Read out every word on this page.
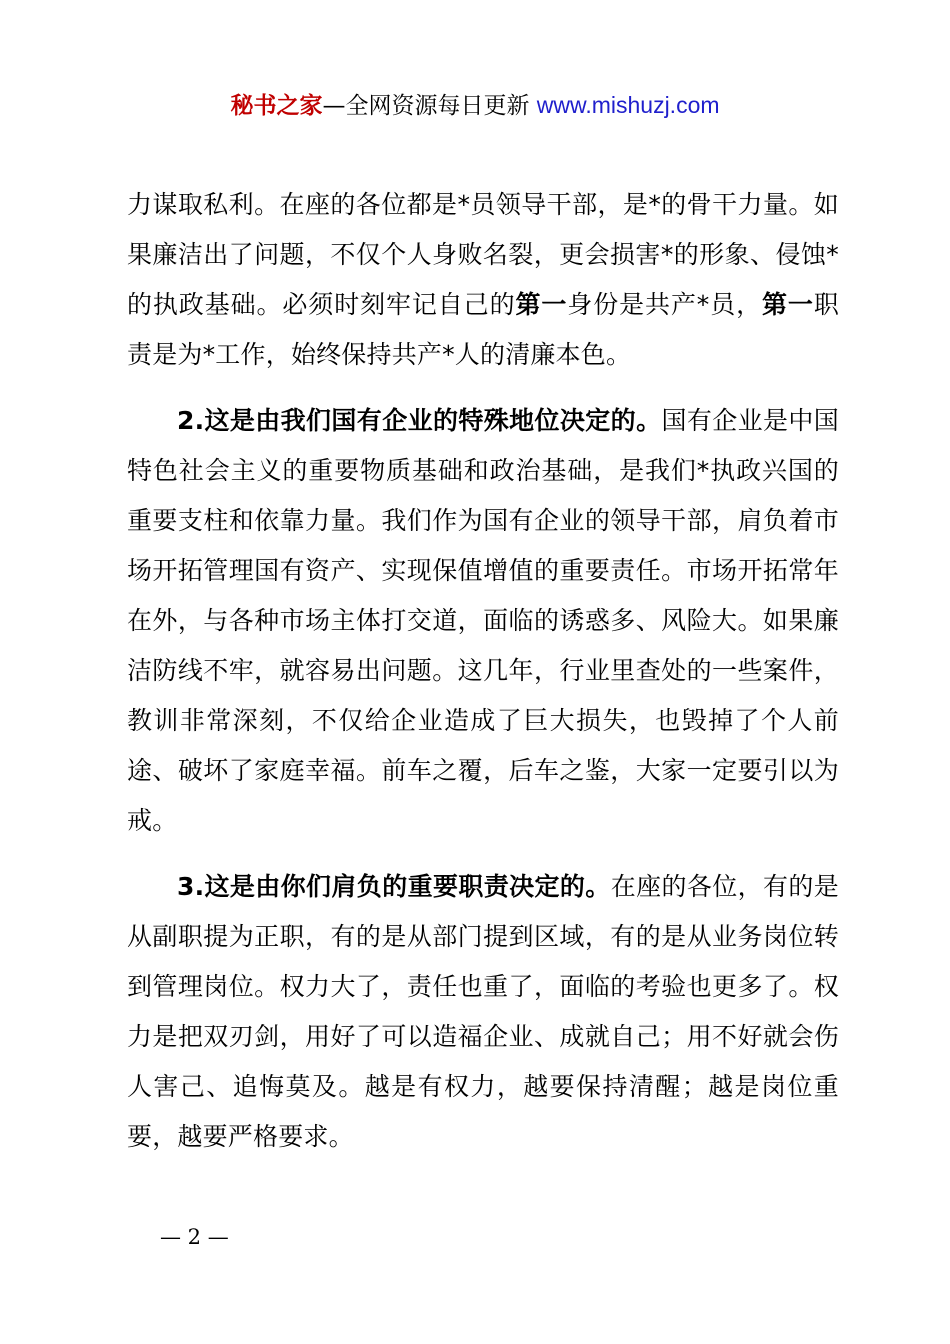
秘书之家—全网资源每日更新 www.mishuzj.com

力谋取私利。在座的各位都是*员领导干部，是*的骨干力量。如果廉洁出了问题，不仅个人身败名裂，更会损害*的形象、侵蚀*的执政基础。必须时刻牢记自己的第一身份是共产*员，第一职责是为*工作，始终保持共产*人的清廉本色。

2.这是由我们国有企业的特殊地位决定的。国有企业是中国特色社会主义的重要物质基础和政治基础，是我们*执政兴国的重要支柱和依靠力量。我们作为国有企业的领导干部，肩负着市场开拓管理国有资产、实现保值增值的重要责任。市场开拓常年在外，与各种市场主体打交道，面临的诱惑多、风险大。如果廉洁防线不牢，就容易出问题。这几年，行业里查处的一些案件，教训非常深刻，不仅给企业造成了巨大损失，也毁掉了个人前途、破坏了家庭幸福。前车之覆，后车之鉴，大家一定要引以为戒。

3.这是由你们肩负的重要职责决定的。在座的各位，有的是从副职提为正职，有的是从部门提到区域，有的是从业务岗位转到管理岗位。权力大了，责任也重了，面临的考验也更多了。权力是把双刃剑，用好了可以造福企业、成就自己；用不好就会伤人害己、追悔莫及。越是有权力，越要保持清醒；越是岗位重要，越要严格要求。

— 2 —
